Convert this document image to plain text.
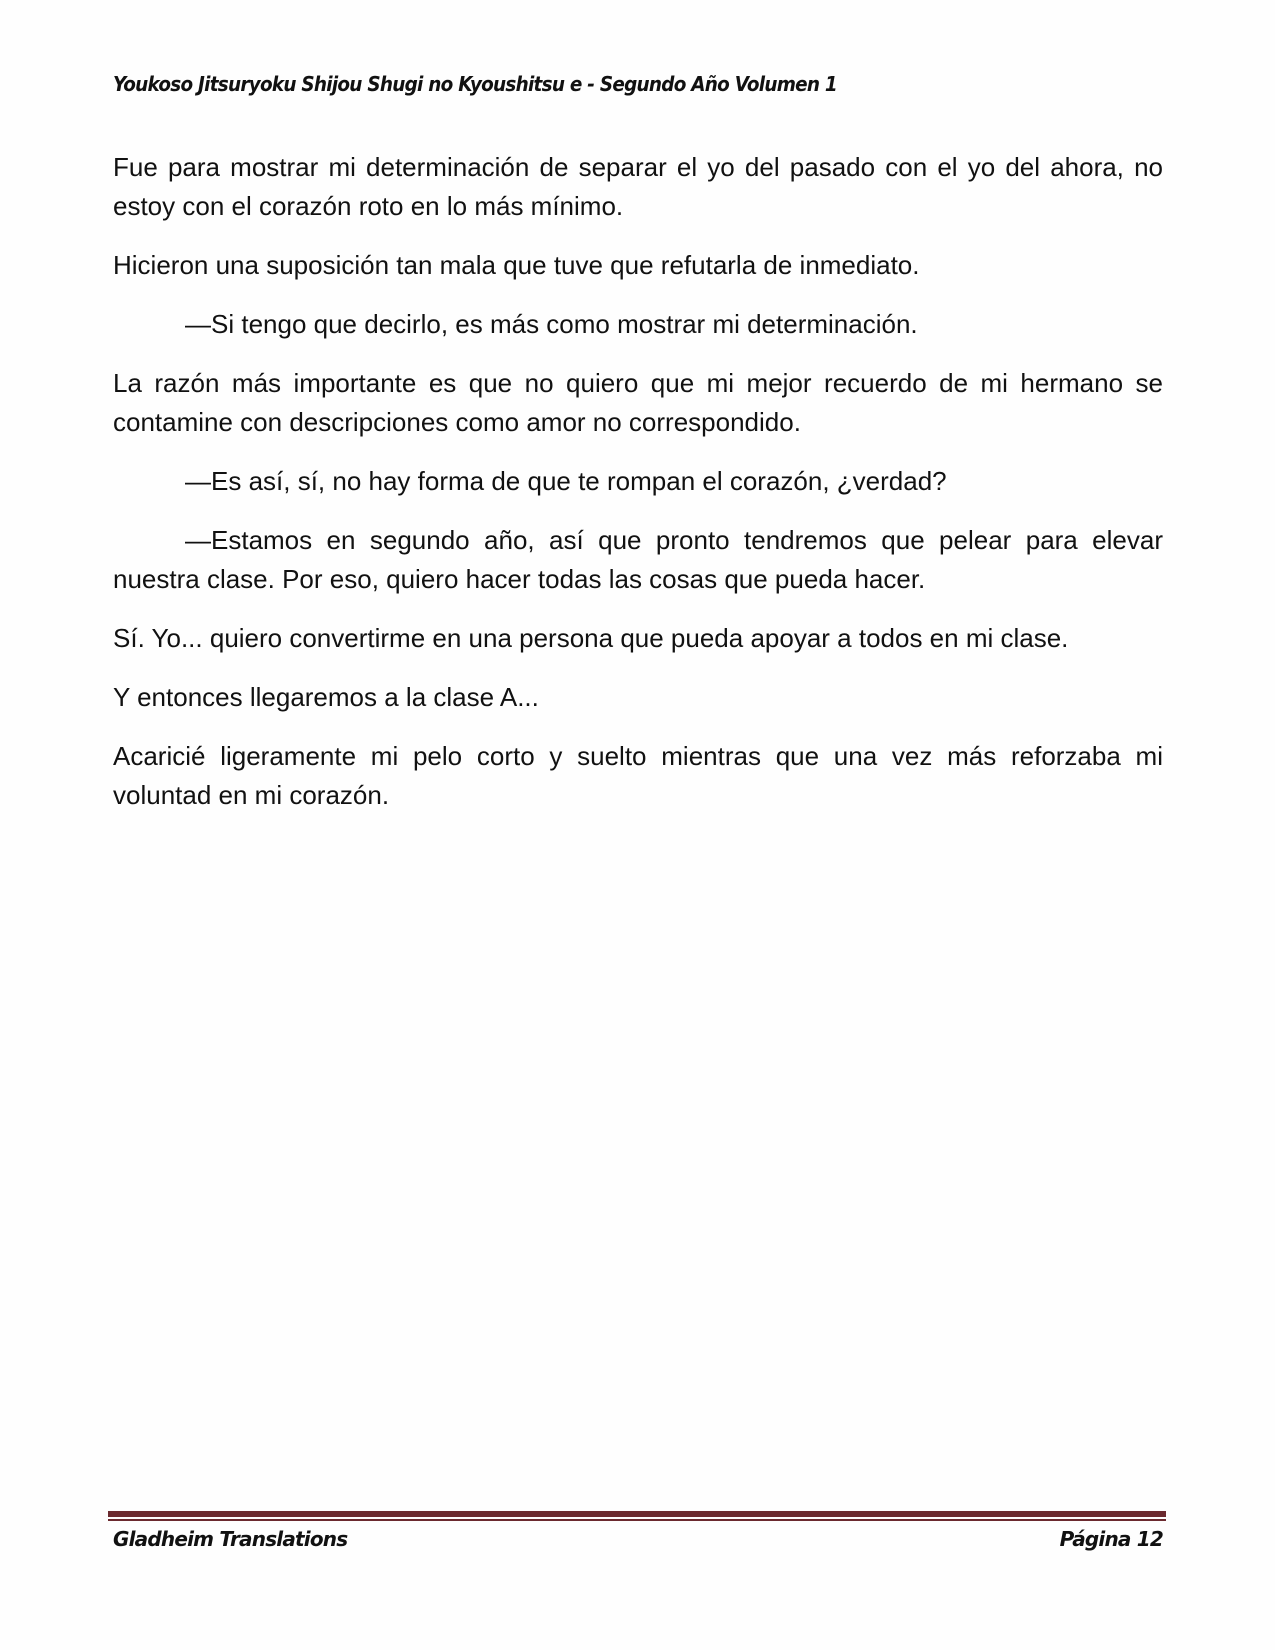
Youkoso Jitsuryoku Shijou Shugi no Kyoushitsu e - Segundo Año Volumen 1

Fue para mostrar mi determinación de separar el yo del pasado con el yo del ahora, no estoy con el corazón roto en lo más mínimo.

Hicieron una suposición tan mala que tuve que refutarla de inmediato.

—Si tengo que decirlo, es más como mostrar mi determinación.

La razón más importante es que no quiero que mi mejor recuerdo de mi hermano se contamine con descripciones como amor no correspondido.

—Es así, sí, no hay forma de que te rompan el corazón, ¿verdad?

—Estamos en segundo año, así que pronto tendremos que pelear para elevar nuestra clase. Por eso, quiero hacer todas las cosas que pueda hacer.

Sí. Yo... quiero convertirme en una persona que pueda apoyar a todos en mi clase.

Y entonces llegaremos a la clase A...

Acaricié ligeramente mi pelo corto y suelto mientras que una vez más reforzaba mi voluntad en mi corazón.

Gladheim Translations	Página 12
